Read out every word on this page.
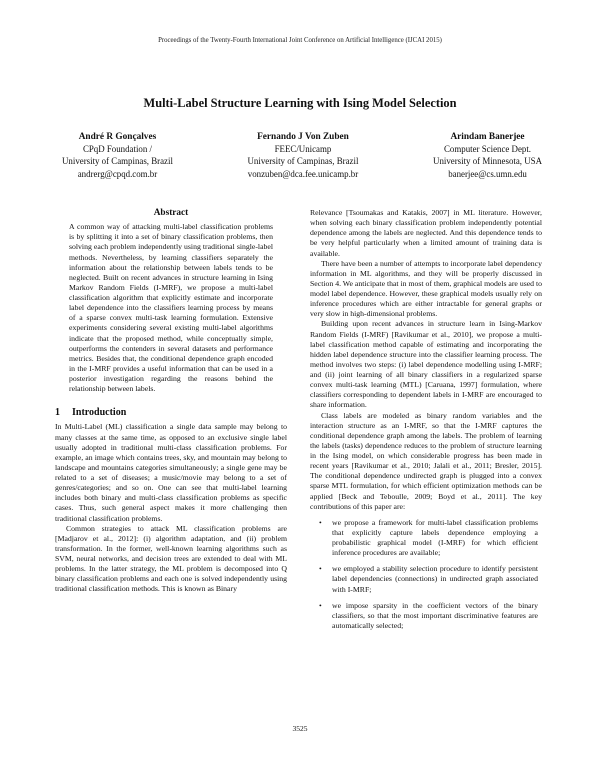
Proceedings of the Twenty-Fourth International Joint Conference on Artificial Intelligence (IJCAI 2015)
Multi-Label Structure Learning with Ising Model Selection
André R Gonçalves
CPqD Foundation /
University of Campinas, Brazil
andrerg@cpqd.com.br
Fernando J Von Zuben
FEEC/Unicamp
University of Campinas, Brazil
vonzuben@dca.fee.unicamp.br
Arindam Banerjee
Computer Science Dept.
University of Minnesota, USA
banerjee@cs.umn.edu
Abstract

A common way of attacking multi-label classification problems is by splitting it into a set of binary classification problems, then solving each problem independently using traditional single-label methods. Nevertheless, by learning classifiers separately the information about the relationship between labels tends to be neglected. Built on recent advances in structure learning in Ising Markov Random Fields (I-MRF), we propose a multi-label classification algorithm that explicitly estimate and incorporate label dependence into the classifiers learning process by means of a sparse convex multi-task learning formulation. Extensive experiments considering several existing multi-label algorithms indicate that the proposed method, while conceptually simple, outperforms the contenders in several datasets and performance metrics. Besides that, the conditional dependence graph encoded in the I-MRF provides a useful information that can be used in a posterior investigation regarding the reasons behind the relationship between labels.

1 Introduction

In Multi-Label (ML) classification a single data sample may belong to many classes at the same time, as opposed to an exclusive single label usually adopted in traditional multi-class classification problems. For example, an image which contains trees, sky, and mountain may belong to landscape and mountains categories simultaneously; a single gene may be related to a set of diseases; a music/movie may belong to a set of genres/categories; and so on. One can see that multi-label learning includes both binary and multi-class classification problems as specific cases. Thus, such general aspect makes it more challenging then traditional classification problems.

Common strategies to attack ML classification problems are [Madjarov et al., 2012]: (i) algorithm adaptation, and (ii) problem transformation. In the former, well-known learning algorithms such as SVM, neural networks, and decision trees are extended to deal with ML problems. In the latter strategy, the ML problem is decomposed into Q binary classification problems and each one is solved independently using traditional classification methods. This is known as Binary

Relevance [Tsoumakas and Katakis, 2007] in ML literature. However, when solving each binary classification problem independently potential dependence among the labels are neglected. And this dependence tends to be very helpful particularly when a limited amount of training data is available.

There have been a number of attempts to incorporate label dependency information in ML algorithms, and they will be properly discussed in Section 4. We anticipate that in most of them, graphical models are used to model label dependence. However, these graphical models usually rely on inference procedures which are either intractable for general graphs or very slow in high-dimensional problems.

Building upon recent advances in structure learn in Ising-Markov Random Fields (I-MRF) [Ravikumar et al., 2010], we propose a multi-label classification method capable of estimating and incorporating the hidden label dependence structure into the classifier learning process. The method involves two steps: (i) label dependence modelling using I-MRF; and (ii) joint learning of all binary classifiers in a regularized sparse convex multi-task learning (MTL) [Caruana, 1997] formulation, where classifiers corresponding to dependent labels in I-MRF are encouraged to share information.

Class labels are modeled as binary random variables and the interaction structure as an I-MRF, so that the I-MRF captures the conditional dependence graph among the labels. The problem of learning the labels (tasks) dependence reduces to the problem of structure learning in the Ising model, on which considerable progress has been made in recent years [Ravikumar et al., 2010; Jalali et al., 2011; Bresler, 2015]. The conditional dependence undirected graph is plugged into a convex sparse MTL formulation, for which efficient optimization methods can be applied [Beck and Teboulle, 2009; Boyd et al., 2011]. The key contributions of this paper are:

• we propose a framework for multi-label classification problems that explicitly capture labels dependence employing a probabilistic graphical model (I-MRF) for which efficient inference procedures are available;
• we employed a stability selection procedure to identify persistent label dependencies (connections) in undirected graph associated with I-MRF;
• we impose sparsity in the coefficient vectors of the binary classifiers, so that the most important discriminative features are automatically selected;
3525
